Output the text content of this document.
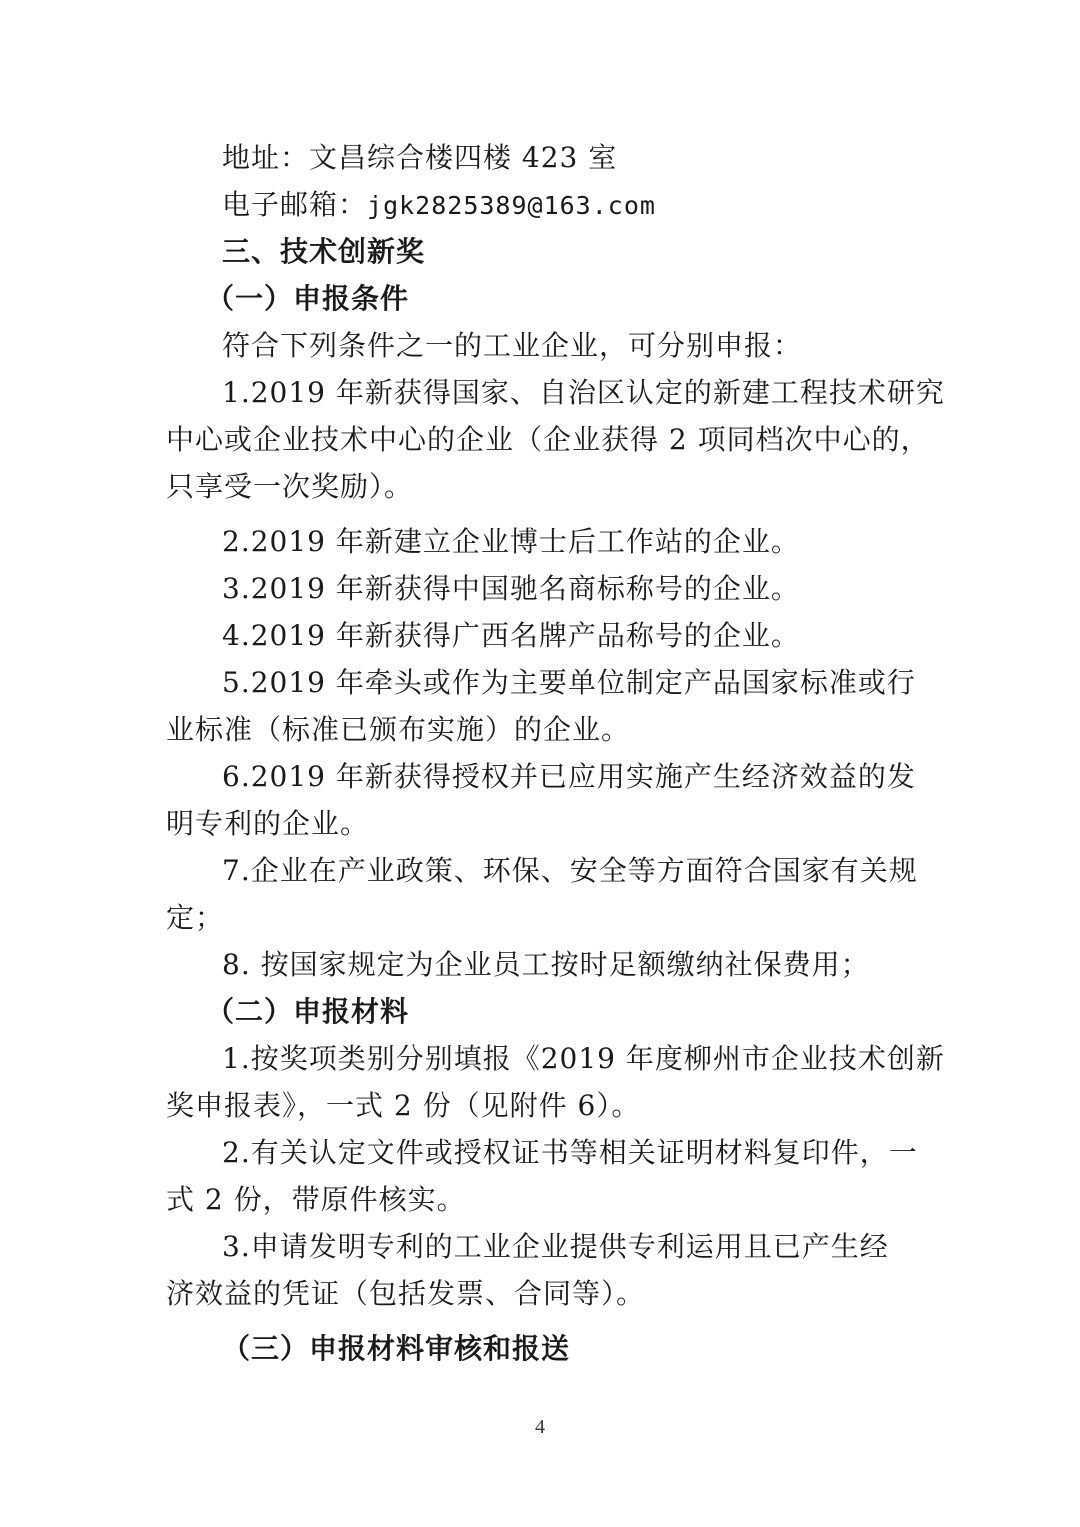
地址：文昌综合楼四楼 423 室
电子邮箱：jgk2825389@163.com
三、技术创新奖
（一）申报条件
符合下列条件之一的工业企业，可分别申报：
1.2019 年新获得国家、自治区认定的新建工程技术研究
中心或企业技术中心的企业（企业获得 2 项同档次中心的，
只享受一次奖励）。
2.2019 年新建立企业博士后工作站的企业。
3.2019 年新获得中国驰名商标称号的企业。
4.2019 年新获得广西名牌产品称号的企业。
5.2019 年牵头或作为主要单位制定产品国家标准或行
业标准（标准已颁布实施）的企业。
6.2019 年新获得授权并已应用实施产生经济效益的发
明专利的企业。
7.企业在产业政策、环保、安全等方面符合国家有关规
定；
8. 按国家规定为企业员工按时足额缴纳社保费用；
（二）申报材料
1.按奖项类别分别填报《2019 年度柳州市企业技术创新
奖申报表》，一式 2 份（见附件 6）。
2.有关认定文件或授权证书等相关证明材料复印件，一
式 2 份，带原件核实。
3.申请发明专利的工业企业提供专利运用且已产生经
济效益的凭证（包括发票、合同等）。
（三）申报材料审核和报送
4
